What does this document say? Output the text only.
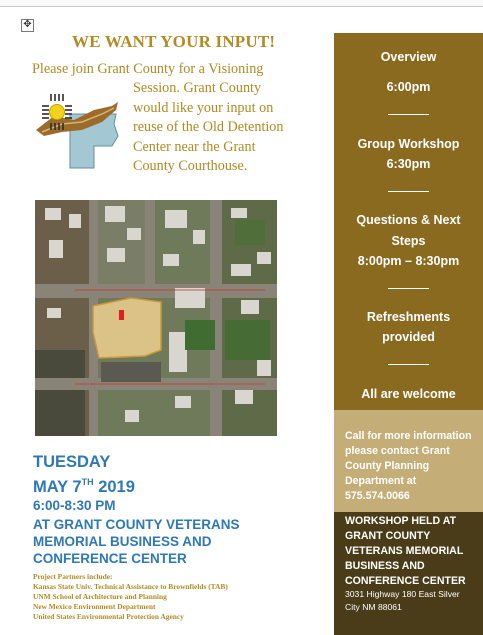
✥
WE WANT YOUR INPUT!
Please join Grant County for a Visioning
Session. Grant County
would like your input on
reuse of the Old Detention
Center near the Grant
County Courthouse.
TUESDAY
MAY 7TH 2019
6:00-8:30 PM
AT GRANT COUNTY VETERANS
MEMORIAL BUSINESS AND
CONFERENCE CENTER
Project Partners include:
Kansas State Univ. Technical Assistance to Brownfields (TAB)
UNM School of Architecture and Planning
New Mexico Environment Department
United States Environmental Protection Agency
Overview
6:00pm
Group Workshop
6:30pm
Questions & Next
Steps
8:00pm – 8:30pm
Refreshments
provided
All are welcome
Call for more information
please contact Grant
County Planning
Department at
575.574.0066
WORKSHOP HELD AT
GRANT COUNTY
VETERANS MEMORIAL
BUSINESS AND
CONFERENCE CENTER
3031 Highway 180 East Silver
City NM 88061
